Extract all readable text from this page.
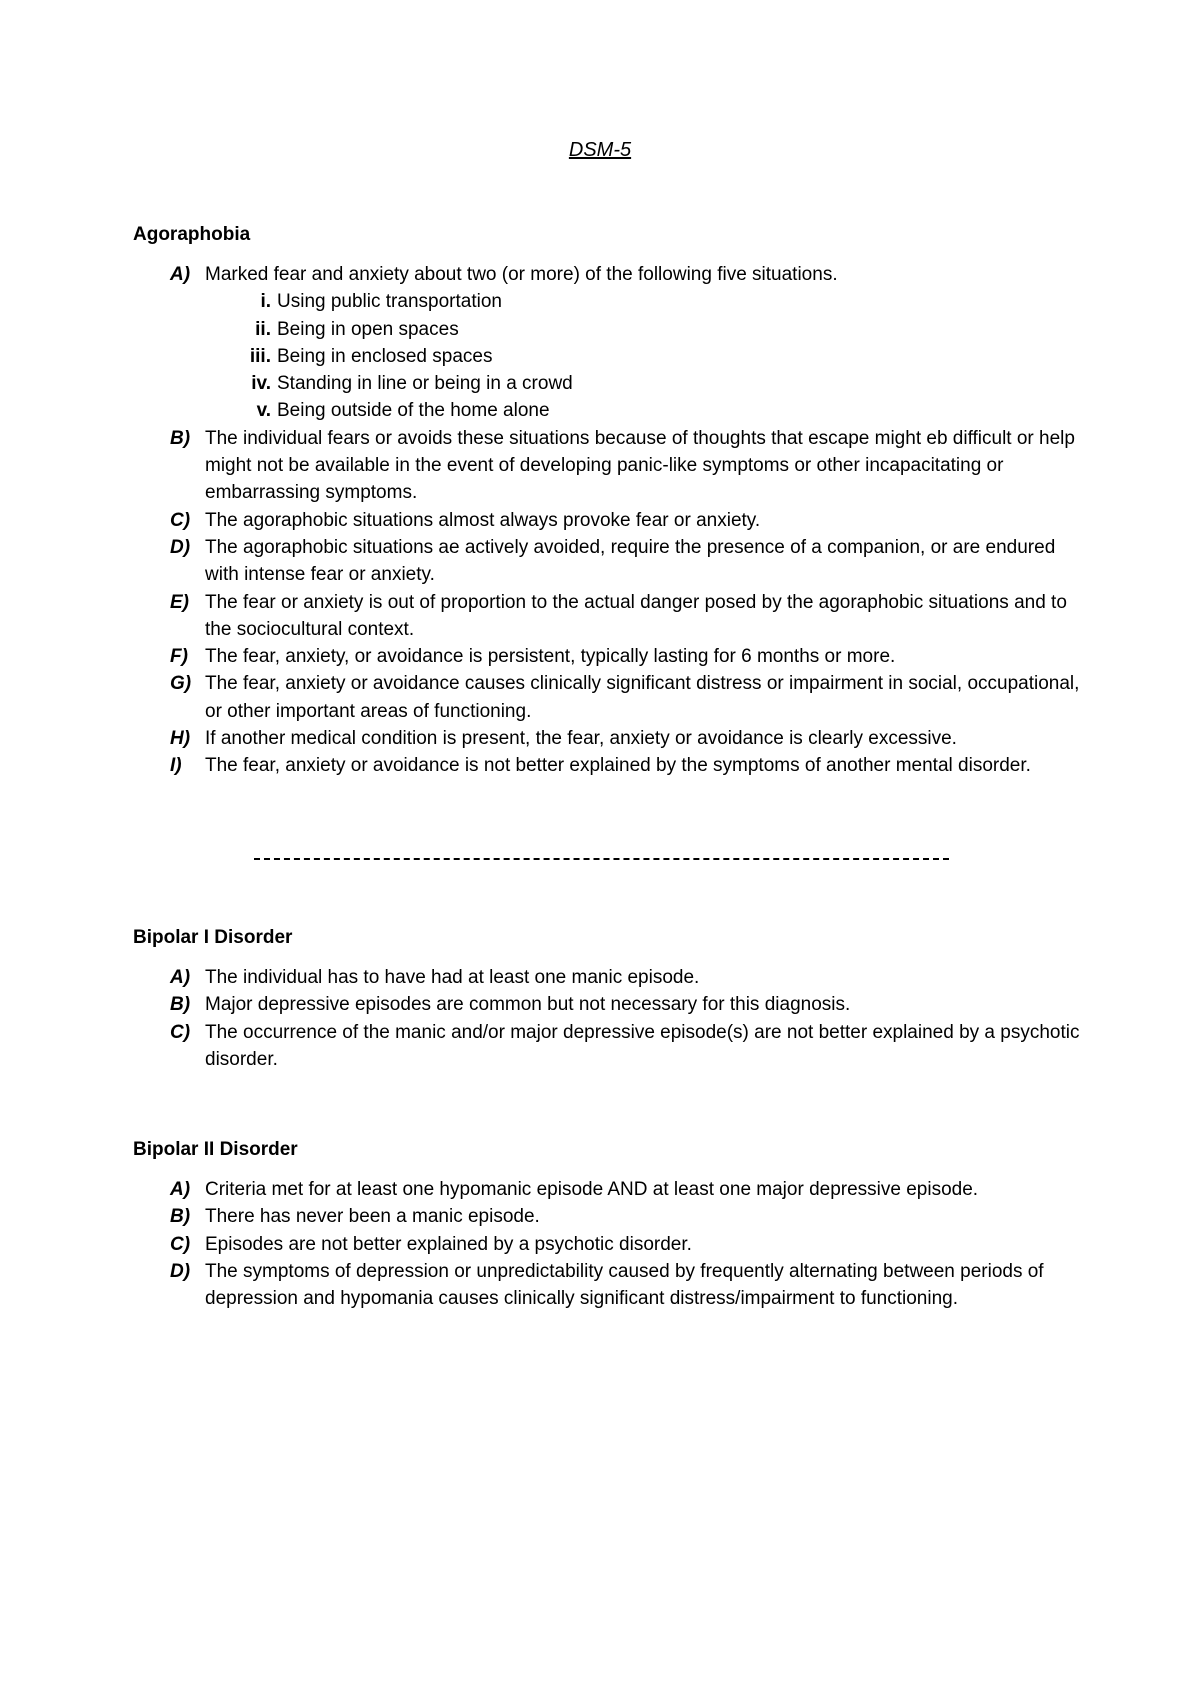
DSM-5
Agoraphobia
A) Marked fear and anxiety about two (or more) of the following five situations.
i. Using public transportation
ii. Being in open spaces
iii. Being in enclosed spaces
iv. Standing in line or being in a crowd
v. Being outside of the home alone
B) The individual fears or avoids these situations because of thoughts that escape might eb difficult or help might not be available in the event of developing panic-like symptoms or other incapacitating or embarrassing symptoms.
C) The agoraphobic situations almost always provoke fear or anxiety.
D) The agoraphobic situations ae actively avoided, require the presence of a companion, or are endured with intense fear or anxiety.
E) The fear or anxiety is out of proportion to the actual danger posed by the agoraphobic situations and to the sociocultural context.
F) The fear, anxiety, or avoidance is persistent, typically lasting for 6 months or more.
G) The fear, anxiety or avoidance causes clinically significant distress or impairment in social, occupational, or other important areas of functioning.
H) If another medical condition is present, the fear, anxiety or avoidance is clearly excessive.
I) The fear, anxiety or avoidance is not better explained by the symptoms of another mental disorder.
Bipolar I Disorder
A) The individual has to have had at least one manic episode.
B) Major depressive episodes are common but not necessary for this diagnosis.
C) The occurrence of the manic and/or major depressive episode(s) are not better explained by a psychotic disorder.
Bipolar II Disorder
A) Criteria met for at least one hypomanic episode AND at least one major depressive episode.
B) There has never been a manic episode.
C) Episodes are not better explained by a psychotic disorder.
D) The symptoms of depression or unpredictability caused by frequently alternating between periods of depression and hypomania causes clinically significant distress/impairment to functioning.
